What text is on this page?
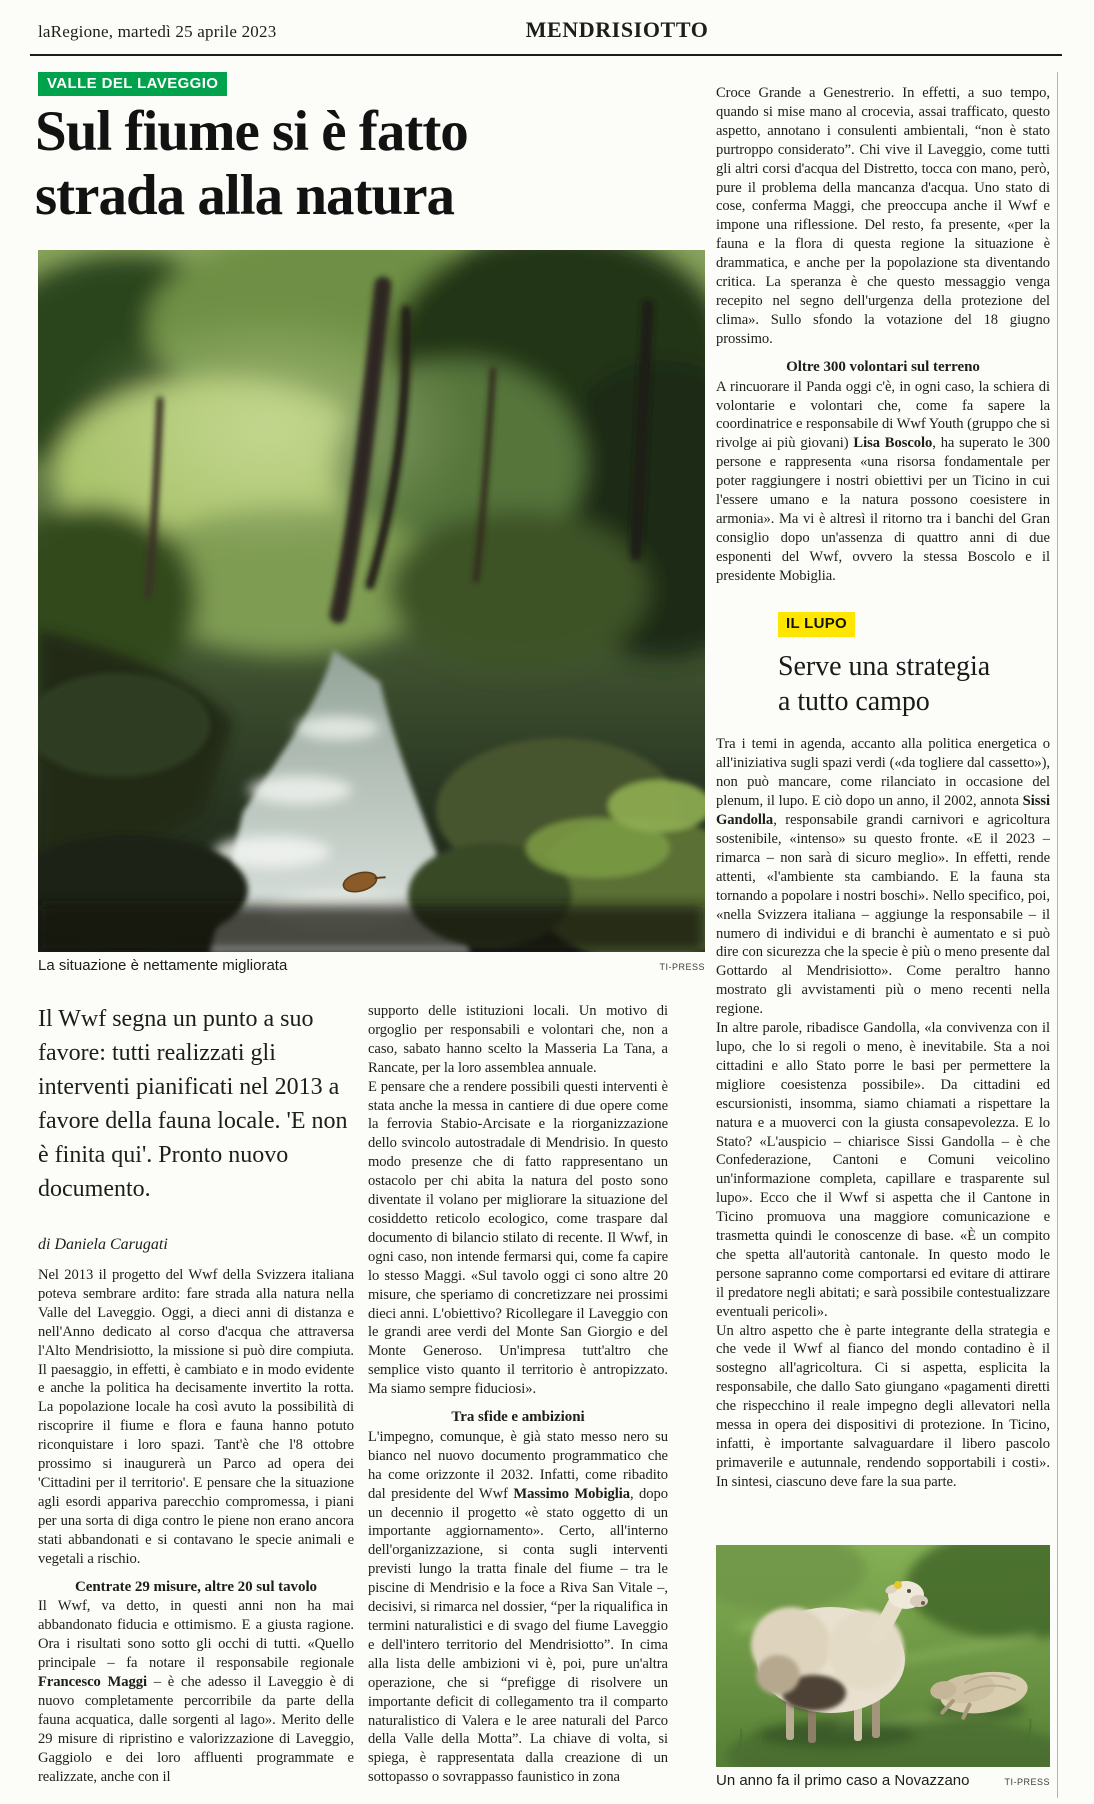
laRegione, martedì 25 aprile 2023	MENDRISIOTTO
VALLE DEL LAVEGGIO
Sul fiume si è fatto
strada alla natura
La situazione è nettamente migliorata	TI-PRESS
Il Wwf segna un punto a suo favore: tutti realizzati gli interventi pianificati nel 2013 a favore della fauna locale. 'E non è finita qui'. Pronto nuovo documento.
di Daniela Carugati
Nel 2013 il progetto del Wwf della Svizzera italiana poteva sembrare ardito: fare strada alla natura nella Valle del Laveggio. Oggi, a dieci anni di distanza e nell'Anno dedicato al corso d'acqua che attraversa l'Alto Mendrisiotto, la missione si può dire compiuta. Il paesaggio, in effetti, è cambiato e in modo evidente e anche la politica ha decisamente invertito la rotta. La popolazione locale ha così avuto la possibilità di riscoprire il fiume e flora e fauna hanno potuto riconquistare i loro spazi. Tant'è che l'8 ottobre prossimo si inaugurerà un Parco ad opera dei 'Cittadini per il territorio'. E pensare che la situazione agli esordi appariva parecchio compromessa, i piani per una sorta di diga contro le piene non erano ancora stati abbandonati e si contavano le specie animali e vegetali a rischio.
Centrate 29 misure, altre 20 sul tavolo
Il Wwf, va detto, in questi anni non ha mai abbandonato fiducia e ottimismo. E a giusta ragione. Ora i risultati sono sotto gli occhi di tutti. «Quello principale – fa notare il responsabile regionale Francesco Maggi – è che adesso il Laveggio è di nuovo completamente percorribile da parte della fauna acquatica, dalle sorgenti al lago». Merito delle 29 misure di ripristino e valorizzazione di Laveggio, Gaggiolo e dei loro affluenti programmate e realizzate, anche con il
supporto delle istituzioni locali. Un motivo di orgoglio per responsabili e volontari che, non a caso, sabato hanno scelto la Masseria La Tana, a Rancate, per la loro assemblea annuale.
E pensare che a rendere possibili questi interventi è stata anche la messa in cantiere di due opere come la ferrovia Stabio-Arcisate e la riorganizzazione dello svincolo autostradale di Mendrisio. In questo modo presenze che di fatto rappresentano un ostacolo per chi abita la natura del posto sono diventate il volano per migliorare la situazione del cosiddetto reticolo ecologico, come traspare dal documento di bilancio stilato di recente. Il Wwf, in ogni caso, non intende fermarsi qui, come fa capire lo stesso Maggi. «Sul tavolo oggi ci sono altre 20 misure, che speriamo di concretizzare nei prossimi dieci anni. L'obiettivo? Ricollegare il Laveggio con le grandi aree verdi del Monte San Giorgio e del Monte Generoso. Un'impresa tutt'altro che semplice visto quanto il territorio è antropizzato. Ma siamo sempre fiduciosi».
Tra sfide e ambizioni
L'impegno, comunque, è già stato messo nero su bianco nel nuovo documento programmatico che ha come orizzonte il 2032. Infatti, come ribadito dal presidente del Wwf Massimo Mobiglia, dopo un decennio il progetto «è stato oggetto di un importante aggiornamento». Certo, all'interno dell'organizzazione, si conta sugli interventi previsti lungo la tratta finale del fiume – tra le piscine di Mendrisio e la foce a Riva San Vitale –, decisivi, si rimarca nel dossier, “per la riqualifica in termini naturalistici e di svago del fiume Laveggio e dell'intero territorio del Mendrisiotto”. In cima alla lista delle ambizioni vi è, poi, pure un'altra operazione, che si “prefigge di risolvere un importante deficit di collegamento tra il comparto naturalistico di Valera e le aree naturali del Parco della Valle della Motta”. La chiave di volta, si spiega, è rappresentata dalla creazione di un sottopasso o sovrappasso faunistico in zona
Croce Grande a Genestrerio. In effetti, a suo tempo, quando si mise mano al crocevia, assai trafficato, questo aspetto, annotano i consulenti ambientali, “non è stato purtroppo considerato”. Chi vive il Laveggio, come tutti gli altri corsi d'acqua del Distretto, tocca con mano, però, pure il problema della mancanza d'acqua. Uno stato di cose, conferma Maggi, che preoccupa anche il Wwf e impone una riflessione. Del resto, fa presente, «per la fauna e la flora di questa regione la situazione è drammatica, e anche per la popolazione sta diventando critica. La speranza è che questo messaggio venga recepito nel segno dell'urgenza della protezione del clima». Sullo sfondo la votazione del 18 giugno prossimo.
Oltre 300 volontari sul terreno
A rincuorare il Panda oggi c'è, in ogni caso, la schiera di volontarie e volontari che, come fa sapere la coordinatrice e responsabile di Wwf Youth (gruppo che si rivolge ai più giovani) Lisa Boscolo, ha superato le 300 persone e rappresenta «una risorsa fondamentale per poter raggiungere i nostri obiettivi per un Ticino in cui l'essere umano e la natura possono coesistere in armonia». Ma vi è altresì il ritorno tra i banchi del Gran consiglio dopo un'assenza di quattro anni di due esponenti del Wwf, ovvero la stessa Boscolo e il presidente Mobiglia.
IL LUPO
Serve una strategia
a tutto campo
Tra i temi in agenda, accanto alla politica energetica o all'iniziativa sugli spazi verdi («da togliere dal cassetto»), non può mancare, come rilanciato in occasione del plenum, il lupo. E ciò dopo un anno, il 2002, annota Sissi Gandolla, responsabile grandi carnivori e agricoltura sostenibile, «intenso» su questo fronte. «E il 2023 – rimarca – non sarà di sicuro meglio». In effetti, rende attenti, «l'ambiente sta cambiando. E la fauna sta tornando a popolare i nostri boschi». Nello specifico, poi, «nella Svizzera italiana – aggiunge la responsabile – il numero di individui e di branchi è aumentato e si può dire con sicurezza che la specie è più o meno presente dal Gottardo al Mendrisiotto». Come peraltro hanno mostrato gli avvistamenti più o meno recenti nella regione.
In altre parole, ribadisce Gandolla, «la convivenza con il lupo, che lo si regoli o meno, è inevitabile. Sta a noi cittadini e allo Stato porre le basi per permettere la migliore coesistenza possibile». Da cittadini ed escursionisti, insomma, siamo chiamati a rispettare la natura e a muoverci con la giusta consapevolezza. E lo Stato? «L'auspicio – chiarisce Sissi Gandolla – è che Confederazione, Cantoni e Comuni veicolino un'informazione completa, capillare e trasparente sul lupo». Ecco che il Wwf si aspetta che il Cantone in Ticino promuova una maggiore comunicazione e trasmetta quindi le conoscenze di base. «È un compito che spetta all'autorità cantonale. In questo modo le persone sapranno come comportarsi ed evitare di attirare il predatore negli abitati; e sarà possibile contestualizzare eventuali pericoli».
Un altro aspetto che è parte integrante della strategia e che vede il Wwf al fianco del mondo contadino è il sostegno all'agricoltura. Ci si aspetta, esplicita la responsabile, che dallo Sato giungano «pagamenti diretti che rispecchino il reale impegno degli allevatori nella messa in opera dei dispositivi di protezione. In Ticino, infatti, è importante salvaguardare il libero pascolo primaverile e autunnale, rendendo sopportabili i costi». In sintesi, ciascuno deve fare la sua parte.
Un anno fa il primo caso a Novazzano	TI-PRESS
